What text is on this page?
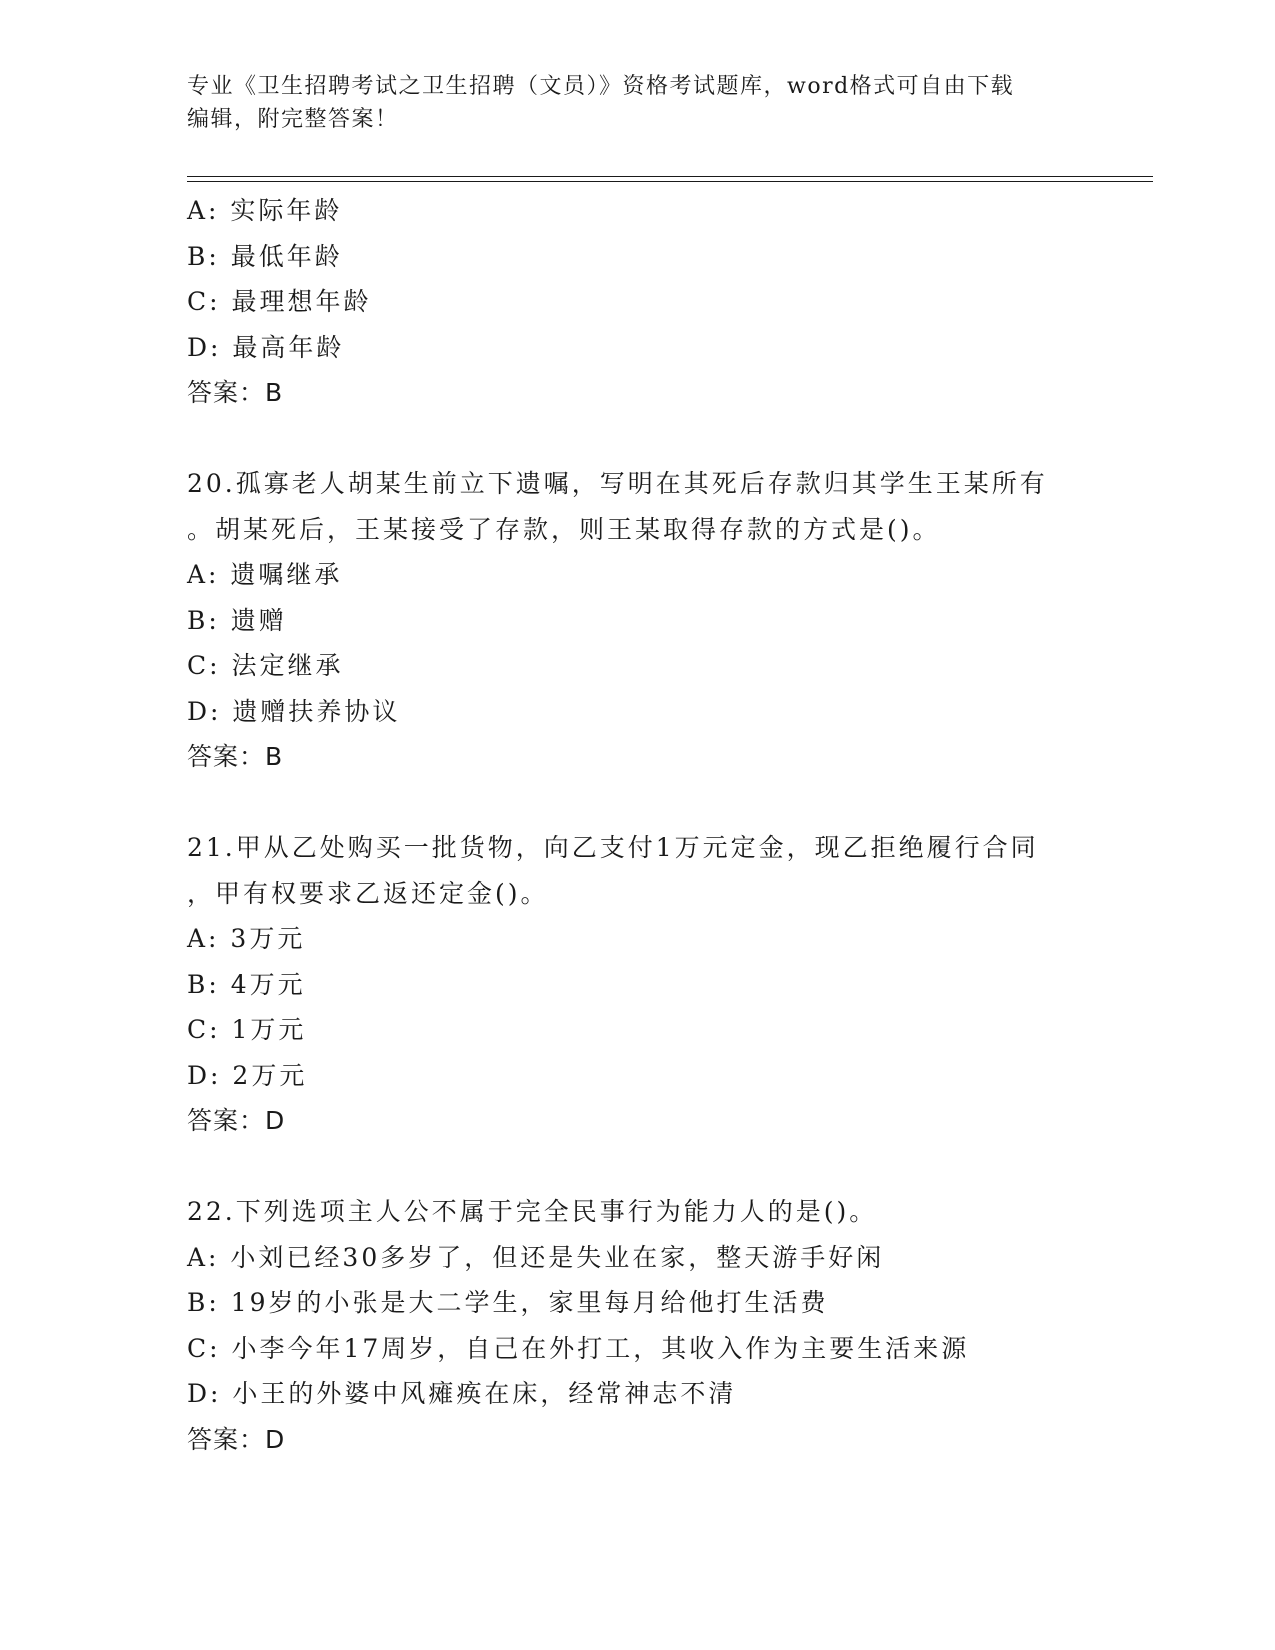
专业《卫生招聘考试之卫生招聘（文员）》资格考试题库，word格式可自由下载
编辑，附完整答案！
A: 实际年龄
B: 最低年龄
C: 最理想年龄
D: 最高年龄
答案：B
20.孤寡老人胡某生前立下遗嘱，写明在其死后存款归其学生王某所有
。胡某死后，王某接受了存款，则王某取得存款的方式是()。
A: 遗嘱继承
B: 遗赠
C: 法定继承
D: 遗赠扶养协议
答案：B
21.甲从乙处购买一批货物，向乙支付1万元定金，现乙拒绝履行合同
，甲有权要求乙返还定金()。
A: 3万元
B: 4万元
C: 1万元
D: 2万元
答案：D
22.下列选项主人公不属于完全民事行为能力人的是()。
A: 小刘已经30多岁了，但还是失业在家，整天游手好闲
B: 19岁的小张是大二学生，家里每月给他打生活费
C: 小李今年17周岁，自己在外打工，其收入作为主要生活来源
D: 小王的外婆中风瘫痪在床，经常神志不清
答案：D
